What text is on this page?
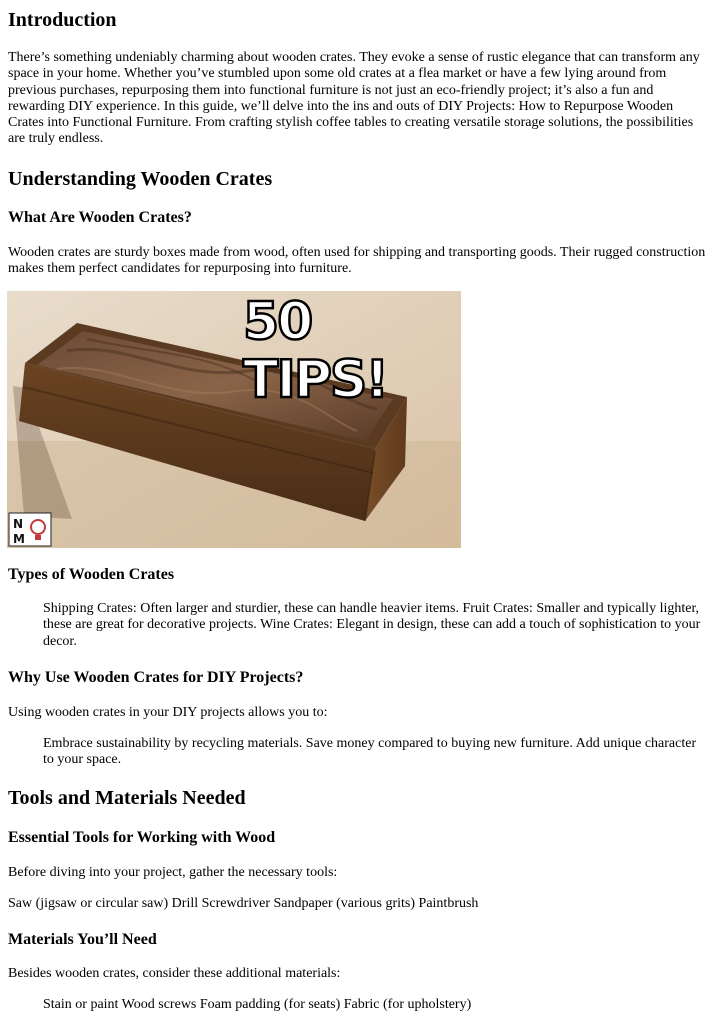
Introduction

There’s something undeniably charming about wooden crates. They evoke a sense of rustic elegance that can transform any space in your home. Whether you’ve stumbled upon some old crates at a flea market or have a few lying around from previous purchases, repurposing them into functional furniture is not just an eco-friendly project; it’s also a fun and rewarding DIY experience. In this guide, we’ll delve into the ins and outs of DIY Projects: How to Repurpose Wooden Crates into Functional Furniture. From crafting stylish coffee tables to creating versatile storage solutions, the possibilities are truly endless.

Understanding Wooden Crates
What Are Wooden Crates?

Wooden crates are sturdy boxes made from wood, often used for shipping and transporting goods. Their rugged construction makes them perfect candidates for repurposing into furniture.

N
M
50 TIPS!
Types of Wooden Crates

Shipping Crates: Often larger and sturdier, these can handle heavier items. Fruit Crates: Smaller and typically lighter, these are great for decorative projects. Wine Crates: Elegant in design, these can add a touch of sophistication to your decor.

Why Use Wooden Crates for DIY Projects?

Using wooden crates in your DIY projects allows you to:

Embrace sustainability by recycling materials. Save money compared to buying new furniture. Add unique character to your space.

Tools and Materials Needed
Essential Tools for Working with Wood

Before diving into your project, gather the necessary tools:

Saw (jigsaw or circular saw) Drill Screwdriver Sandpaper (various grits) Paintbrush

Materials You’ll Need

Besides wooden crates, consider these additional materials:

Stain or paint Wood screws Foam padding (for seats) Fabric (for upholstery)
